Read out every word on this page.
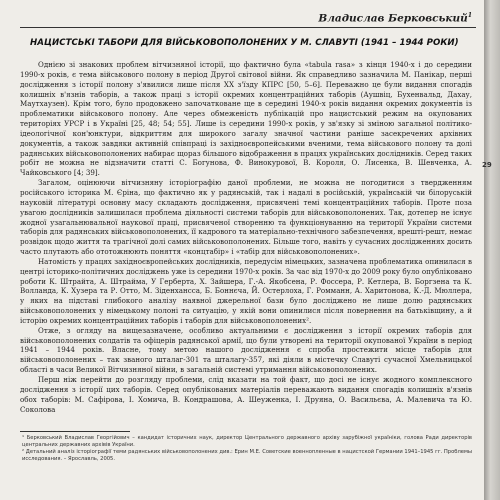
Владислав Берковський$^1$
НАЦИСТСЬКІ ТАБОРИ ДЛЯ ВІЙСЬКОВОПОЛОНЕНИХ У М. СЛАВУТІ (1941 – 1944 РОКИ)

Однією зі знакових проблем вітчизняної історії, що фактично була «tabula rasa» з кінця 1940-х і до середини 1990-х років, є тема військового полону в період Другої світової війни. Як справедливо зазначила М. Панікар, перші дослідження з історії полону з'явилися лише після XX з'їзду КПРС [50, 5–6]. Переважно це були видання спогадів колишніх в'язнів таборів, а також праці з історії окремих концентраційних таборів (Аушвіц, Бухенвальд, Дахау, Маутхаузен). Крім того, було продовжено започатковане ще в середині 1940-х років видання окремих документів із проблематики військового полону. Але через обмеженість публікацій про нацистський режим на окупованих територіях УРСР і в Україні [25, 48; 54; 55]. Лише із середини 1990-х років, у зв'язку зі зміною загальної політико-ідеологічної кон'юнктури, відкриттям для широкого загалу значної частини раніше засекречених архівних документів, а також завдяки активній співпраці із західноєвропейськими вченими, тема військового полону та долі радянських військовополонених набирає щораз більшого відображення в працях українських дослідників. Серед таких робіт не можна не відзначити статті С. Богунова, Ф. Винокурової, В. Короля, О. Лисенка, В. Шевченка, А. Чайковського [4; 39].

Загалом, оцінюючи вітчизняну історіографію даної проблеми, не можна не погодитися з твердженням російського історика М. Єріна, що фактично як у радянській, так і надалі в російській, українській чи білоруській науковій літературі основну масу складають дослідження, присвячені темі концентраційних таборів. Проте поза увагою дослідників залишилася проблема діяльності системи таборів для військовополонених. Так, дотепер не існує жодної узагальнювальної наукової праці, присвяченої створенню та функціонуванню на території України системи таборів для радянських військовополонених, її кадрового та матеріально-технічного забезпечення, врешті-решт, немає розвідок щодо життя та трагічної долі самих військовополонених. Більше того, навіть у сучасних дослідженнях досить часто плутають або ототожнюють поняття «концтабір» і «табір для військовополонених».

Натомість у працях західноєвропейських дослідників, передусім німецьких, зазначена проблематика опинилася в центрі історико-політичних досліджень уже із середини 1970-х років. За час від 1970-х до 2009 року було опубліковано роботи К. Штрайта, А. Штрайма, У Герберта, Х. Зайшера, Г.-А. Якобсена, Р. Фоссера, Р. Кетлера, В. Боргзена та К. Волланда, К. Хузера та Р. Отто, М. Зіденхансса, Б. Боннєча, Й. Остерлоха, Г. Ромманн, А. Харитонова, К.-Д. Мюллера, у яких на підставі глибокого аналізу наявної джерельної бази було досліджено не лише долю радянських військовополонених у німецькому полоні та ситуацію, у якій вони опинилися після повернення на батьківщину, а й історію окремих концентраційних таборів і таборів для військовополонених².

Отже, з огляду на вищезазначене, особливо актуальними є дослідження з історії окремих таборів для військовополонених солдатів та офіцерів радянської армії, що були утворені на території окупованої України в період 1941 – 1944 років. Власне, тому метою нашого дослідження є спроба простежити місце таборів для військовополонених – так званого шталаг-301 та шталагу-357, які діяли в містечку Славуті сучасної Хмельницької області в часи Великої Вітчизняної війни, в загальній системі утримання військовополонених.

Перш ніж перейти до розгляду проблеми, слід вказати на той факт, що досі не існує жодного комплексного дослідження з історії цих таборів. Серед опублікованих матеріалів переважають видання спогадів колишніх в'язнів обох таборів: М. Сафірова, І. Хомича, В. Кондрашова, А. Шеуженка, І. Друяна, О. Васильєва, А. Малевича та Ю. Соколова

¹ Берковський Владислав Георгійович – кандидат історичних наук, директор Центрального державного архіву зарубіжної україніки, голова Ради директорів центральних державних архівів України.

² Детальний аналіз історіографії теми радянських військовополонених див.: Ерин М.Е. Советские военнопленные в нацистской Германии 1941–1945 гг. Проблемы исследования. – Ярославль, 2005.

29
